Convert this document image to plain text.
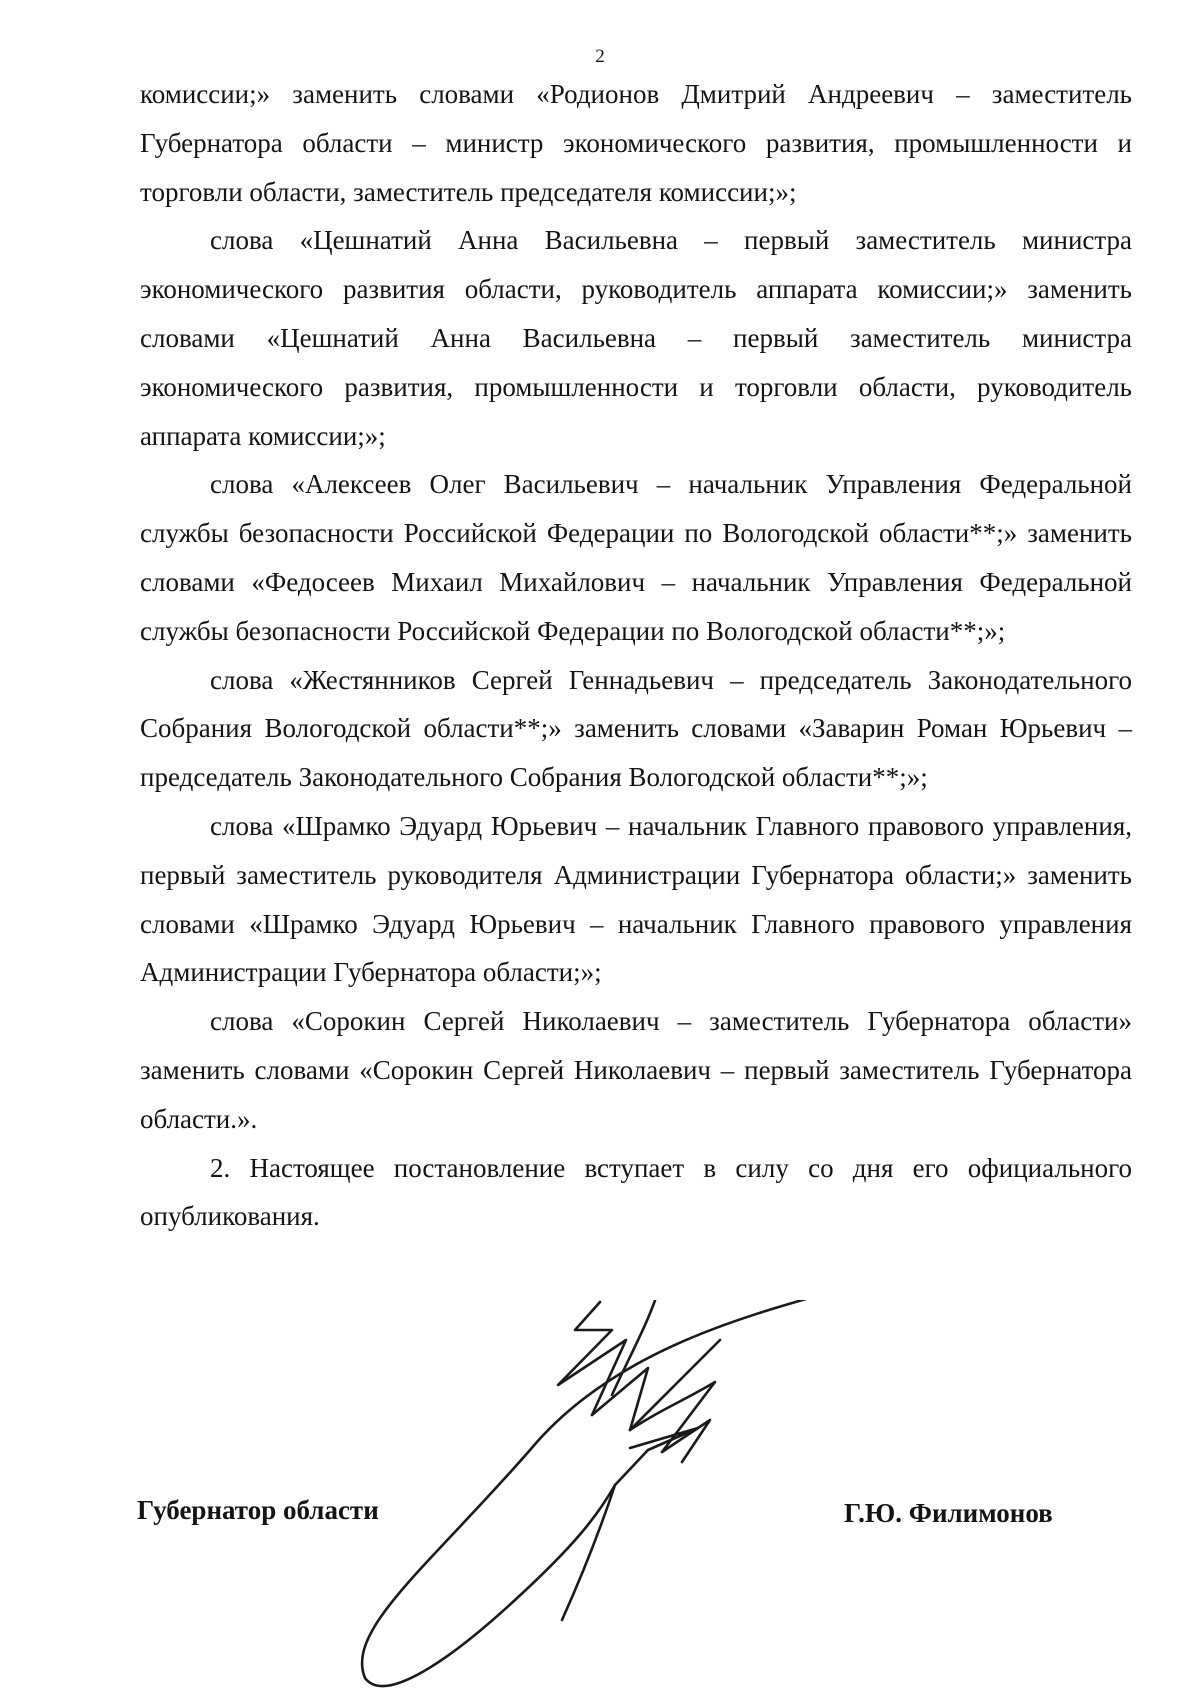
2

комиссии;» заменить словами «Родионов Дмитрий Андреевич – заместитель Губернатора области – министр экономического развития, промышленности и торговли области, заместитель председателя комиссии;»;

слова «Цешнатий Анна Васильевна – первый заместитель министра экономического развития области, руководитель аппарата комиссии;» заменить словами «Цешнатий Анна Васильевна – первый заместитель министра экономического развития, промышленности и торговли области, руководитель аппарата комиссии;»;

слова «Алексеев Олег Васильевич – начальник Управления Федеральной службы безопасности Российской Федерации по Вологодской области**;» заменить словами «Федосеев Михаил Михайлович – начальник Управления Федеральной службы безопасности Российской Федерации по Вологодской области**;»;

слова «Жестянников Сергей Геннадьевич – председатель Законодательного Собрания Вологодской области**;» заменить словами «Заварин Роман Юрьевич – председатель Законодательного Собрания Вологодской области**;»;

слова «Шрамко Эдуард Юрьевич – начальник Главного правового управления, первый заместитель руководителя Администрации Губернатора области;» заменить словами «Шрамко Эдуард Юрьевич – начальник Главного правового управления Администрации Губернатора области;»;

слова «Сорокин Сергей Николаевич – заместитель Губернатора области» заменить словами «Сорокин Сергей Николаевич – первый заместитель Губернатора области.».

2. Настоящее постановление вступает в силу со дня его официального опубликования.

Губернатор области	Г.Ю. Филимонов
